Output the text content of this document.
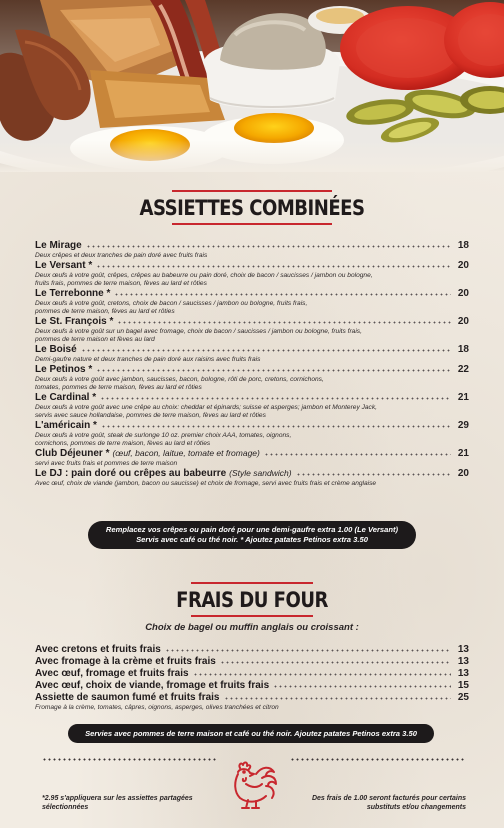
ASSIETTES COMBINÉES
Le Mirage	18
Deux crêpes et deux tranches de pain doré avec fruits frais
Le Versant *	20
Deux œufs à votre goût, crêpes, crêpes au babeurre ou pain doré, choix de bacon / saucisses / jambon ou bologne,
fruits frais, pommes de terre maison, fèves au lard et rôties
Le Terrebonne *	20
Deux œufs à votre goût, cretons, choix de bacon / saucisses / jambon ou bologne, fruits frais,
pommes de terre maison, fèves au lard et rôties
Le St. François *	20
Deux œufs à votre goût sur un bagel avec fromage, choix de bacon / saucisses / jambon ou bologne, fruits frais,
pommes de terre maison et fèves au lard
Le Boisé	18
Demi-gaufre nature et deux tranches de pain doré aux raisins avec fruits frais
Le Petinos *	22
Deux œufs à votre goût avec jambon, saucisses, bacon, bologne, rôti de porc, cretons, cornichons,
tomates, pommes de terre maison, fèves au lard et rôties
Le Cardinal *	21
Deux œufs à votre goût avec une crêpe au choix: cheddar et épinards; suisse et asperges; jambon et Monterey Jack,
servis avec sauce hollandaise, pommes de terre maison, fèves au lard et rôties
L'américain *	29
Deux œufs à votre goût, steak de surlonge 10 oz. premier choix AAA, tomates, oignons,
cornichons, pommes de terre maison, fèves au lard et rôties
Club Déjeuner * (œuf, bacon, laitue, tomate et fromage)	21
servi avec fruits frais et pommes de terre maison
Le DJ : pain doré ou crêpes au babeurre (Style sandwich)	20
Avec œuf, choix de viande (jambon, bacon ou saucisse) et choix de fromage, servi avec fruits frais et crème anglaise
Remplacez vos crêpes ou pain doré pour une demi-gaufre extra 1.00 (Le Versant)
Servis avec café ou thé noir. * Ajoutez patates Petinos extra 3.50
FRAIS DU FOUR
Choix de bagel ou muffin anglais ou croissant :
Avec cretons et fruits frais	13
Avec fromage à la crème et fruits frais	13
Avec œuf, fromage et fruits frais	13
Avec œuf, choix de viande, fromage et fruits frais	15
Assiette de saumon fumé et fruits frais	25
Fromage à la crème, tomates, câpres, oignons, asperges, olives tranchées et citron
Servies avec pommes de terre maison et café ou thé noir. Ajoutez patates Petinos extra 3.50
*2.95 s'appliquera sur les assiettes partagées
sélectionnées
Des frais de 1.00 seront facturés pour certains
substituts et/ou changements
